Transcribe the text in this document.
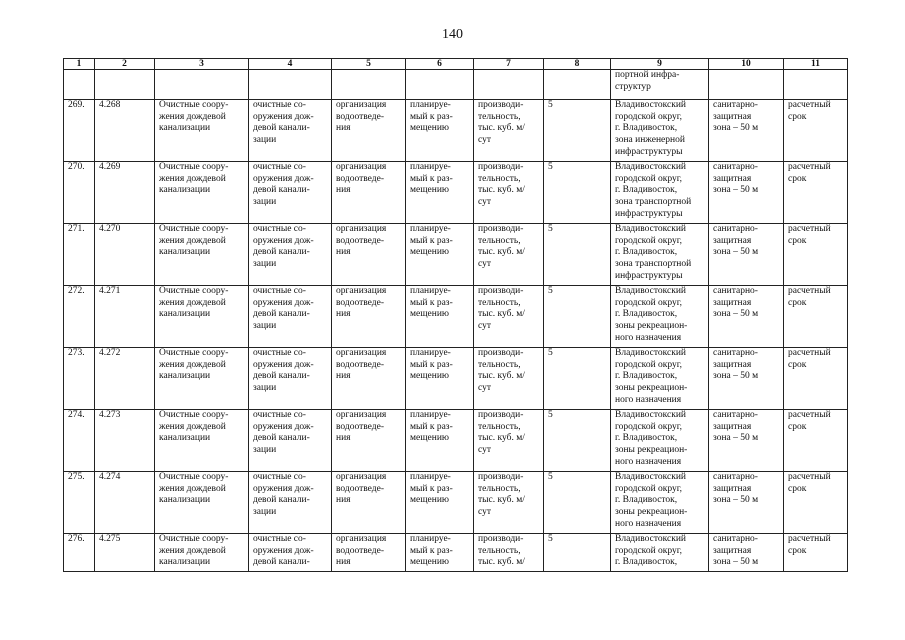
140
1	2	3	4	5	6	7	8	9	10	11
								портной инфра-
структур		
269.	4.268	Очистные соору-
жения дождевой
канализации	очистные со-
оружения дож-
девой канали-
зации	организация
водоотведе-
ния	планируе-
мый к раз-
мещению	производи-
тельность,
тыс. куб. м/
сут	5	Владивостокский
городской округ,
г. Владивосток,
зона инженерной
инфраструктуры	санитарно-
защитная
зона – 50 м	расчетный
срок
270.	4.269	Очистные соору-
жения дождевой
канализации	очистные со-
оружения дож-
девой канали-
зации	организация
водоотведе-
ния	планируе-
мый к раз-
мещению	производи-
тельность,
тыс. куб. м/
сут	5	Владивостокский
городской округ,
г. Владивосток,
зона транспортной
инфраструктуры	санитарно-
защитная
зона – 50 м	расчетный
срок
271.	4.270	Очистные соору-
жения дождевой
канализации	очистные со-
оружения дож-
девой канали-
зации	организация
водоотведе-
ния	планируе-
мый к раз-
мещению	производи-
тельность,
тыс. куб. м/
сут	5	Владивостокский
городской округ,
г. Владивосток,
зона транспортной
инфраструктуры	санитарно-
защитная
зона – 50 м	расчетный
срок
272.	4.271	Очистные соору-
жения дождевой
канализации	очистные со-
оружения дож-
девой канали-
зации	организация
водоотведе-
ния	планируе-
мый к раз-
мещению	производи-
тельность,
тыс. куб. м/
сут	5	Владивостокский
городской округ,
г. Владивосток,
зоны рекреацион-
ного назначения	санитарно-
защитная
зона – 50 м	расчетный
срок
273.	4.272	Очистные соору-
жения дождевой
канализации	очистные со-
оружения дож-
девой канали-
зации	организация
водоотведе-
ния	планируе-
мый к раз-
мещению	производи-
тельность,
тыс. куб. м/
сут	5	Владивостокский
городской округ,
г. Владивосток,
зоны рекреацион-
ного назначения	санитарно-
защитная
зона – 50 м	расчетный
срок
274.	4.273	Очистные соору-
жения дождевой
канализации	очистные со-
оружения дож-
девой канали-
зации	организация
водоотведе-
ния	планируе-
мый к раз-
мещению	производи-
тельность,
тыс. куб. м/
сут	5	Владивостокский
городской округ,
г. Владивосток,
зоны рекреацион-
ного назначения	санитарно-
защитная
зона – 50 м	расчетный
срок
275.	4.274	Очистные соору-
жения дождевой
канализации	очистные со-
оружения дож-
девой канали-
зации	организация
водоотведе-
ния	планируе-
мый к раз-
мещению	производи-
тельность,
тыс. куб. м/
сут	5	Владивостокский
городской округ,
г. Владивосток,
зоны рекреацион-
ного назначения	санитарно-
защитная
зона – 50 м	расчетный
срок
276.	4.275	Очистные соору-
жения дождевой
канализации	очистные со-
оружения дож-
девой канали-	организация
водоотведе-
ния	планируе-
мый к раз-
мещению	производи-
тельность,
тыс. куб. м/	5	Владивостокский
городской округ,
г. Владивосток,	санитарно-
защитная
зона – 50 м	расчетный
срок
